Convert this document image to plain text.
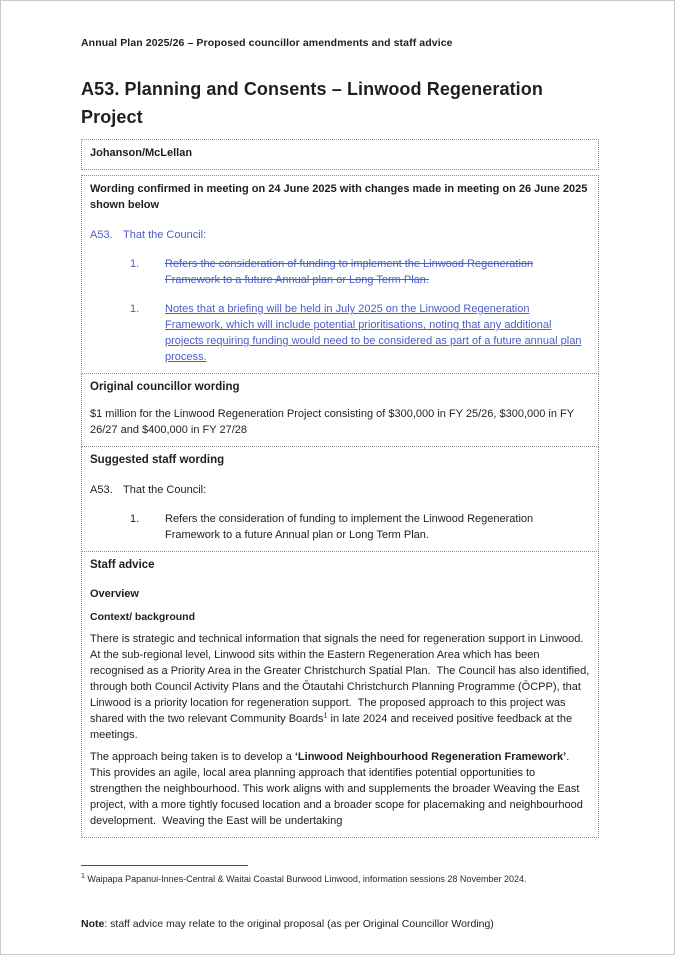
Annual Plan 2025/26 – Proposed councillor amendments and staff advice
A53. Planning and Consents – Linwood Regeneration Project
Johanson/McLellan
Wording confirmed in meeting on 24 June 2025 with changes made in meeting on 26 June 2025 shown below
A53. That the Council:
1.	Refers the consideration of funding to implement the Linwood Regeneration Framework to a future Annual plan or Long Term Plan.
1.	Notes that a briefing will be held in July 2025 on the Linwood Regeneration Framework, which will include potential prioritisations, noting that any additional projects requiring funding would need to be considered as part of a future annual plan process.
Original councillor wording

$1 million for the Linwood Regeneration Project consisting of $300,000 in FY 25/26, $300,000 in FY 26/27 and $400,000 in FY 27/28

Suggested staff wording
A53. That the Council:
1.	Refers the consideration of funding to implement the Linwood Regeneration Framework to a future Annual plan or Long Term Plan.
Staff advice
Overview
Context/ background

There is strategic and technical information that signals the need for regeneration support in Linwood.   At the sub-regional level, Linwood sits within the Eastern Regeneration Area which has been recognised as a Priority Area in the Greater Christchurch Spatial Plan.  The Council has also identified, through both Council Activity Plans and the Ōtautahi Christchurch Planning Programme (ŌCPP), that Linwood is a priority location for regeneration support.  The proposed approach to this project was shared with the two relevant Community Boards$^1$ in late 2024 and received positive feedback at the meetings.

The approach being taken is to develop a ‘Linwood Neighbourhood Regeneration Framework’. This provides an agile, local area planning approach that identifies potential opportunities to strengthen the neighbourhood. This work aligns with and supplements the broader Weaving the East project, with a more tightly focused location and a broader scope for placemaking and neighbourhood development.  Weaving the East will be undertaking

$^1$ Waipapa Papanui-Innes-Central & Waitai Coastal Burwood Linwood, information sessions 28 November 2024.
Note: staff advice may relate to the original proposal (as per Original Councillor Wording)
